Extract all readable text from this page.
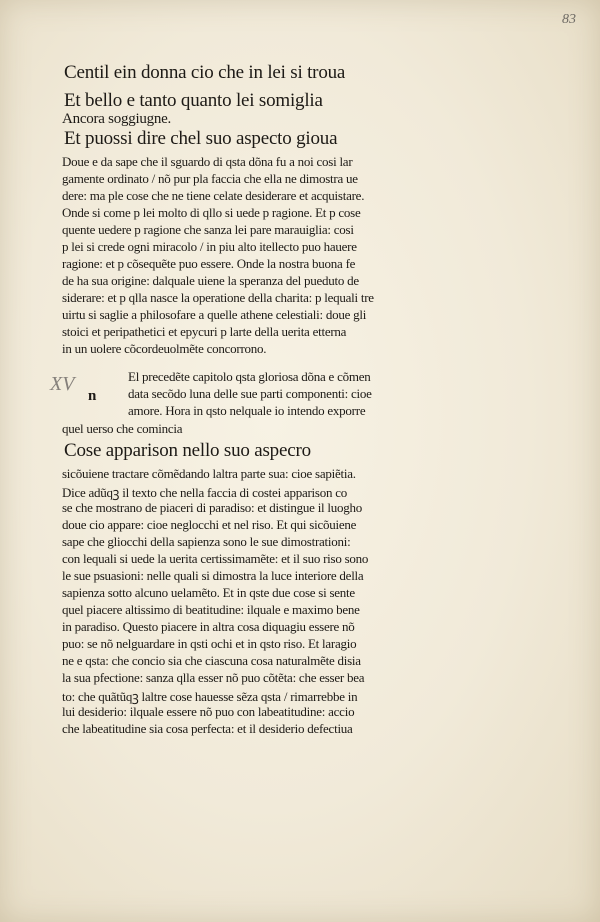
83
Centil ein donna cio che in lei si troua
Et bello e tanto quanto lei somiglia
Ancora soggiugne.
Et puossi dire chel suo aspecto gioua
Doue e da sape che il sguardo di qsta dõna fu a noi cosi lar
gamente ordinato / nõ pur pla faccia che ella ne dimostra ue
dere: ma ple cose che ne tiene celate desiderare et acquistare.
Onde si come p lei molto di qllo si uede p ragione. Et p cose
quente uedere p ragione che sanza lei pare marauiglia: cosi
p lei si crede ogni miracolo / in piu alto itellecto puo hauere
ragione: et p cõsequẽte puo essere. Onde la nostra buona fe
de ha sua origine: dalquale uiene la speranza del pueduto de
siderare: et p qlla nasce la operatione della charita: p lequali tre
uirtu si saglie a philosofare a quelle athene celestiali: doue gli
stoici et peripathetici et epycuri p larte della ueritа etterna
in un uolere cõcordeuolmẽte concorrono.
XV
n
El precedẽte capitolo qsta gloriosa dõna e cõmen
data secõdo luna delle sue parti componenti: cioe
amore. Hora in qsto nelquale io intendo exporre
quel uerso che comincia
Cose apparison nello suo aspecro
sicõuiene tractare cõmẽdando laltra parte sua: cioe sapiẽtia.
Dice adũqꝫ il texto che nella faccia di costei apparison co
se che mostrano de piaceri di paradiso: et distingue il luogho
doue cio appare: cioe neglocchi et nel riso. Et qui sicõuiene
sape che gliocchi della sapienza sono le sue dimostrationi:
con lequali si uede la uerita certissimamẽte: et il suo riso sono
le sue psuasioni: nelle quali si dimostra la luce interiore della
sapienza sotto alcuno uelamẽto. Et in qste due cose si sente
quel piacere altissimo di beatitudine: ilquale e maximo bene
in paradiso. Questo piacere in altra cosa diquagiu essere nõ
puo: se nõ nelguardare in qsti ochi et in qsto riso. Et laragio
ne e qsta: che concio sia che ciascuna cosa naturalmẽte disia
la sua pfectione: sanza qlla esser nõ puo cõtẽta: che esser bea
to: che quãtũqꝫ laltre cose hauesse sẽza qsta / rimarrebbe in
lui desiderio: ilquale essere nõ puo con labeatitudine: accio
che labeatitudine sia cosa perfecta: et il desiderio defectiua
